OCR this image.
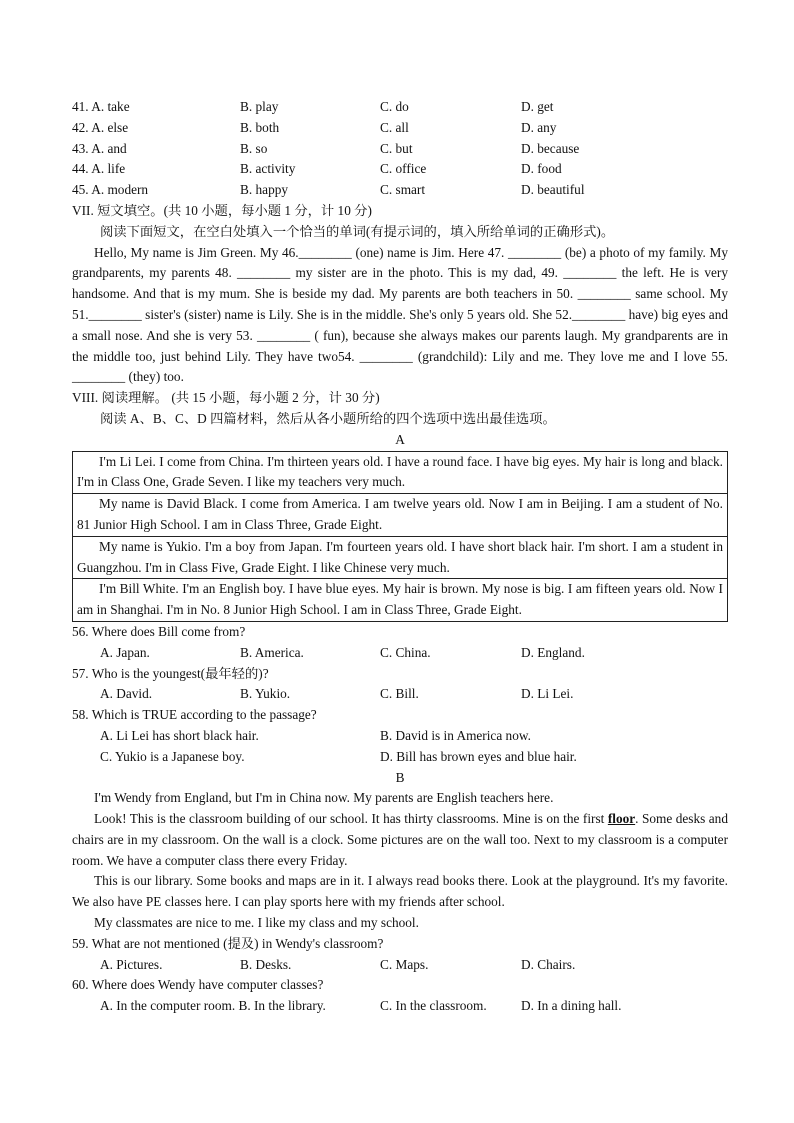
41. A. take	B. play	C. do	D. get
42. A. else	B. both	C. all	D. any
43. A. and	B. so	C. but	D. because
44. A. life	B. activity	C. office	D. food
45. A. modern	B. happy	C. smart	D. beautiful
VII. 短文填空。(共 10 小题，每小题 1 分，计 10 分)
阅读下面短文，在空白处填入一个恰当的单词(有提示词的，填入所给单词的正确形式)。
Hello, My name is Jim Green. My 46.________ (one) name is Jim. Here 47. ________ (be) a photo of my family. My grandparents, my parents 48. ________ my sister are in the photo. This is my dad, 49. ________ the left. He is very handsome. And that is my mum. She is beside my dad. My parents are both teachers in 50. ________ same school. My 51.________ sister's (sister) name is Lily. She is in the middle. She's only 5 years old. She 52.________ have) big eyes and a small nose. And she is very 53. ________ ( fun), because she always makes our parents laugh. My grandparents are in the middle too, just behind Lily. They have two54. ________ (grandchild): Lily and me. They love me and I love 55. ________ (they) too.
VIII. 阅读理解。 (共 15 小题，每小题 2 分，计 30 分)
阅读 A、B、C、D 四篇材料，然后从各小题所给的四个选项中选出最佳选项。
A
I'm Li Lei. I come from China. I'm thirteen years old. I have a round face. I have big eyes. My hair is long and black. I'm in Class One, Grade Seven. I like my teachers very much.
My name is David Black. I come from America. I am twelve years old. Now I am in Beijing. I am a student of No. 81 Junior High School. I am in Class Three, Grade Eight.
My name is Yukio. I'm a boy from Japan. I'm fourteen years old. I have short black hair. I'm short. I am a student in Guangzhou. I'm in Class Five, Grade Eight. I like Chinese very much.
I'm Bill White. I'm an English boy. I have blue eyes. My hair is brown. My nose is big. I am fifteen years old. Now I am in Shanghai. I'm in No. 8 Junior High School. I am in Class Three, Grade Eight.
56. Where does Bill come from?
A. Japan.	B. America.	C. China.	D. England.
57. Who is the youngest(最年轻的)?
A. David.	B. Yukio.	C. Bill.	D. Li Lei.
58. Which is TRUE according to the passage?
A. Li Lei has short black hair.	B. David is in America now.
C. Yukio is a Japanese boy.	D. Bill has brown eyes and blue hair.
B
I'm Wendy from England, but I'm in China now. My parents are English teachers here.
Look! This is the classroom building of our school. It has thirty classrooms. Mine is on the first floor. Some desks and chairs are in my classroom. On the wall is a clock. Some pictures are on the wall too. Next to my classroom is a computer room. We have a computer class there every Friday.
This is our library. Some books and maps are in it. I always read books there. Look at the playground. It's my favorite. We also have PE classes here. I can play sports here with my friends after school.
My classmates are nice to me. I like my class and my school.
59. What are not mentioned (提及) in Wendy's classroom?
A. Pictures.	B. Desks.	C. Maps.	D. Chairs.
60. Where does Wendy have computer classes?
A. In the computer room. B. In the library.	C. In the classroom.	D. In a dining hall.
